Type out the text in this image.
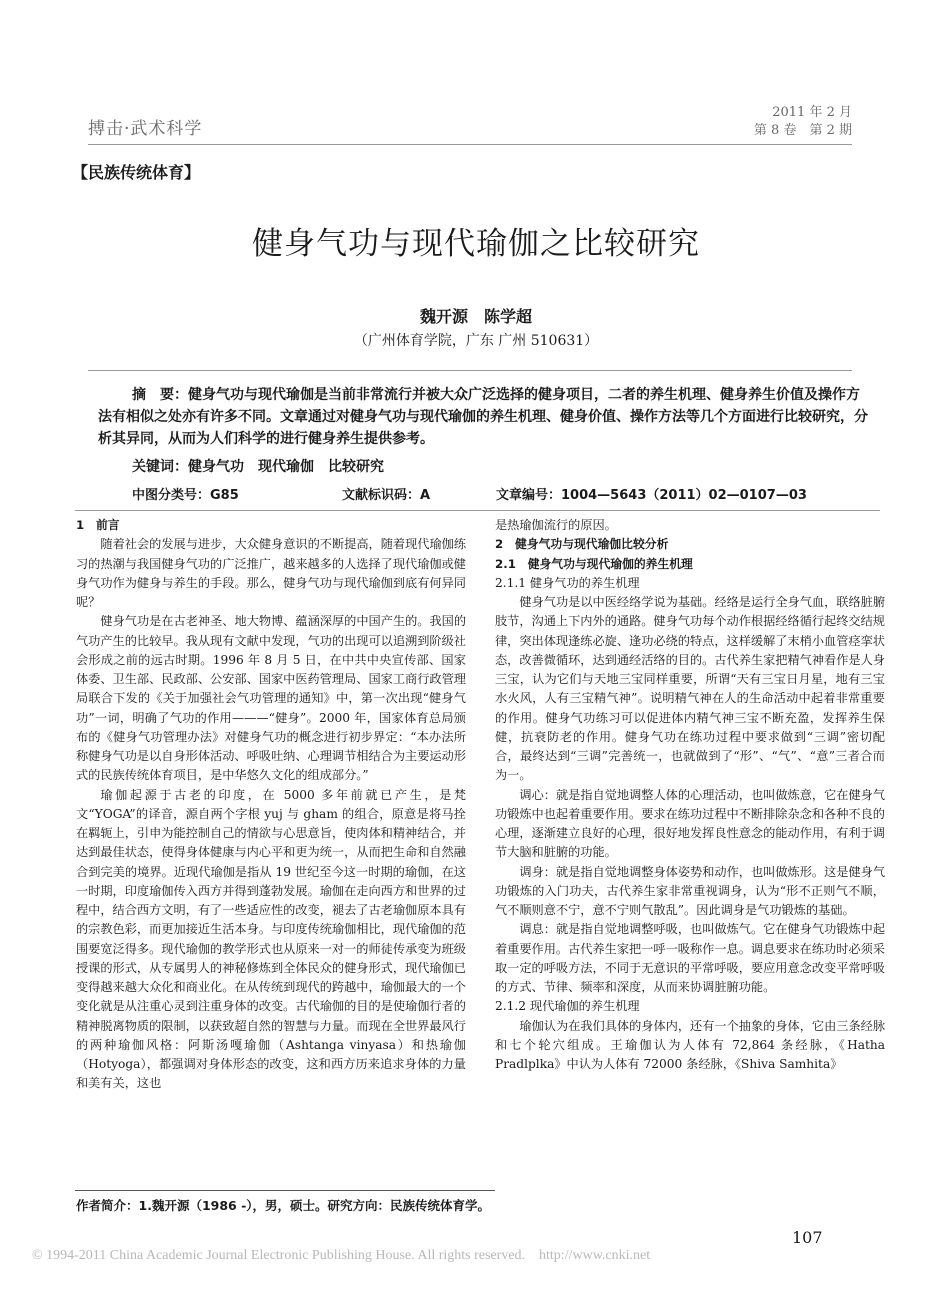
搏击·武术科学
2011 年 2 月
第 8 卷　第 2 期
【民族传统体育】
健身气功与现代瑜伽之比较研究
魏开源　陈学超
（广州体育学院，广东 广州 510631）
摘　要：健身气功与现代瑜伽是当前非常流行并被大众广泛选择的健身项目，二者的养生机理、健身养生价值及操作方法有相似之处亦有许多不同。文章通过对健身气功与现代瑜伽的养生机理、健身价值、操作方法等几个方面进行比较研究，分析其异同，从而为人们科学的进行健身养生提供参考。
关键词：健身气功　现代瑜伽　比较研究
中图分类号：G85	文献标识码：A	文章编号：1004—5643（2011）02—0107—03

1　前言

随着社会的发展与进步，大众健身意识的不断提高，随着现代瑜伽练习的热潮与我国健身气功的广泛推广，越来越多的人选择了现代瑜伽或健身气功作为健身与养生的手段。那么，健身气功与现代瑜伽到底有何异同呢？

健身气功是在古老神圣、地大物博、蕴涵深厚的中国产生的。我国的气功产生的比较早。我从现有文献中发现，气功的出现可以追溯到阶级社会形成之前的远古时期。1996 年 8 月 5 日，在中共中央宣传部、国家体委、卫生部、民政部、公安部、国家中医药管理局、国家工商行政管理局联合下发的《关于加强社会气功管理的通知》中，第一次出现“健身气功”一词，明确了气功的作用———“健身”。2000 年，国家体育总局颁布的《健身气功管理办法》对健身气功的概念进行初步界定：“本办法所称健身气功是以自身形体活动、呼吸吐纳、心理调节相结合为主要运动形式的民族传统体育项目，是中华悠久文化的组成部分。”

瑜伽起源于古老的印度，在 5000 多年前就已产生，是梵文“YOGA”的译音，源自两个字根 yuj 与 gham 的组合，原意是将马拴在羁轭上，引申为能控制自己的情欲与心思意旨，使肉体和精神结合，并达到最佳状态，使得身体健康与内心平和更为统一，从而把生命和自然融合到完美的境界。近现代瑜伽是指从 19 世纪至今这一时期的瑜伽，在这一时期，印度瑜伽传入西方并得到蓬勃发展。瑜伽在走向西方和世界的过程中，结合西方文明，有了一些适应性的改变，褪去了古老瑜伽原本具有的宗教色彩，而更加接近生活本身。与印度传统瑜伽相比，现代瑜伽的范围要宽泛得多。现代瑜伽的教学形式也从原来一对一的师徒传承变为班级授课的形式，从专属男人的神秘修炼到全体民众的健身形式，现代瑜伽已变得越来越大众化和商业化。在从传统到现代的跨越中，瑜伽最大的一个变化就是从注重心灵到注重身体的改变。古代瑜伽的目的是使瑜伽行者的精神脱离物质的限制，以获致超自然的智慧与力量。而现在全世界最风行的两种瑜伽风格：阿斯汤嘎瑜伽（Ashtanga vinyasa）和热瑜伽（Hotyoga），都强调对身体形态的改变，这和西方历来追求身体的力量和美有关，这也

是热瑜伽流行的原因。

2　健身气功与现代瑜伽比较分析

2.1　健身气功与现代瑜伽的养生机理

2.1.1 健身气功的养生机理

健身气功是以中医经络学说为基础。经络是运行全身气血，联络脏腑肢节，沟通上下内外的通路。健身气功每个动作根据经络循行起终交结规律，突出体现逢练必旋、逢功必绕的特点，这样缓解了末梢小血管痉挛状态，改善微循环，达到通经活络的目的。古代养生家把精气神看作是人身三宝，认为它们与天地三宝同样重要，所谓“天有三宝日月星，地有三宝水火风，人有三宝精气神”。说明精气神在人的生命活动中起着非常重要的作用。健身气功练习可以促进体内精气神三宝不断充盈，发挥养生保健，抗衰防老的作用。健身气功在练功过程中要求做到“三调”密切配合，最终达到“三调”完善统一，也就做到了“形”、“气”、“意”三者合而为一。

调心：就是指自觉地调整人体的心理活动，也叫做炼意，它在健身气功锻炼中也起着重要作用。要求在练功过程中不断排除杂念和各种不良的心理，逐渐建立良好的心理，很好地发挥良性意念的能动作用，有利于调节大脑和脏腑的功能。

调身：就是指自觉地调整身体姿势和动作，也叫做炼形。这是健身气功锻炼的入门功夫，古代养生家非常重视调身，认为“形不正则气不顺，气不顺则意不宁，意不宁则气散乱”。因此调身是气功锻炼的基础。

调息：就是指自觉地调整呼吸，也叫做炼气。它在健身气功锻炼中起着重要作用。古代养生家把一呼一吸称作一息。调息要求在练功时必须采取一定的呼吸方法，不同于无意识的平常呼吸，要应用意念改变平常呼吸的方式、节律、频率和深度，从而来协调脏腑功能。

2.1.2 现代瑜伽的养生机理

瑜伽认为在我们具体的身体内，还有一个抽象的身体，它由三条经脉和七个轮穴组成。王瑜伽认为人体有 72,864 条经脉，《Hatha Pradlplka》中认为人体有 72000 条经脉，《Shiva Samhita》

作者简介：1.魏开源（1986 -），男，硕士。研究方向：民族传统体育学。
107
© 1994-2011 China Academic Journal Electronic Publishing House. All rights reserved.　http://www.cnki.net
